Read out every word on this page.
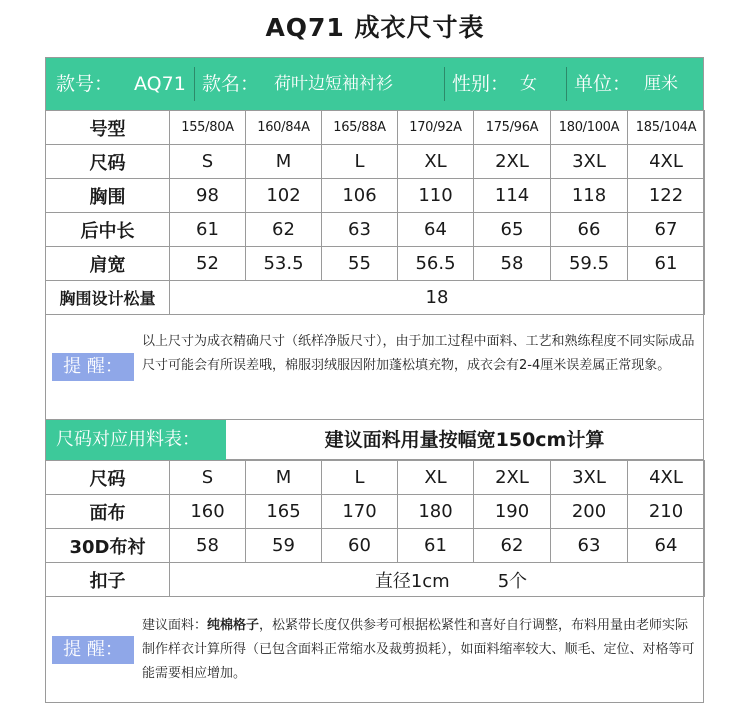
AQ71 成衣尺寸表
款号： AQ71 款名： 荷叶边短袖衬衫	性别： 女 单位： 厘米
号型	155/80A	160/84A	165/88A	170/92A	175/96A	180/100A	185/104A
尺码	S	M	L	XL	2XL	3XL	4XL
胸围	98	102	106	110	114	118	122
后中长	61	62	63	64	65	66	67
肩宽	52	53.5	55	56.5	58	59.5	61
胸围设计松量	18						
提 醒：
以上尺寸为成衣精确尺寸（纸样净版尺寸），由于加工过程中面料、工艺和熟练程度不同实际成品尺寸可能会有所误差哦，棉服羽绒服因附加蓬松填充物，成衣会有2-4厘米误差属正常现象。
尺码对应用料表：	建议面料用量按幅宽150cm计算
尺码	S	M	L	XL	2XL	3XL	4XL
面布	160	165	170	180	190	200	210
30D布衬	58	59	60	61	62	63	64
扣子	直径1cm 5个						
提 醒：
建议面料：纯棉格子，松紧带长度仅供参考可根据松紧性和喜好自行调整，布料用量由老师实际制作样衣计算所得（已包含面料正常缩水及裁剪损耗），如面料缩率较大、顺毛、定位、对格等可能需要相应增加。
